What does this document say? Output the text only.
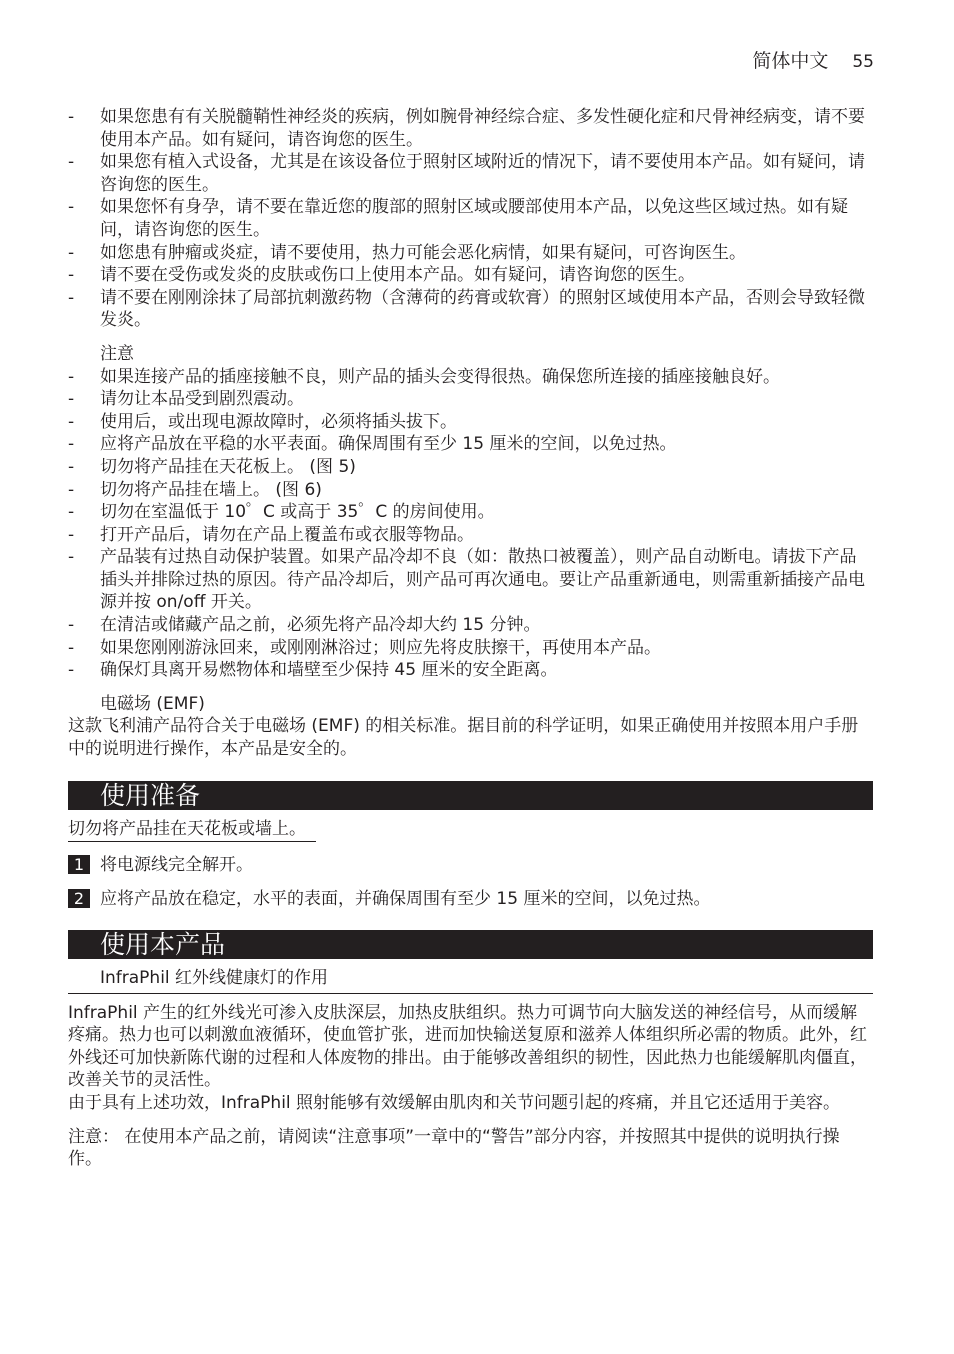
简体中文 55
- 如果您患有有关脱髓鞘性神经炎的疾病，例如腕骨神经综合症、多发性硬化症和尺骨神经病变，请不要使用本产品。如有疑问，请咨询您的医生。
- 如果您有植入式设备，尤其是在该设备位于照射区域附近的情况下，请不要使用本产品。如有疑问，请咨询您的医生。
- 如果您怀有身孕，请不要在靠近您的腹部的照射区域或腰部使用本产品，以免这些区域过热。如有疑问，请咨询您的医生。
- 如您患有肿瘤或炎症，请不要使用，热力可能会恶化病情，如果有疑问，可咨询医生。
- 请不要在受伤或发炎的皮肤或伤口上使用本产品。如有疑问，请咨询您的医生。
- 请不要在刚刚涂抹了局部抗刺激药物（含薄荷的药膏或软膏）的照射区域使用本产品，否则会导致轻微发炎。
注意
- 如果连接产品的插座接触不良，则产品的插头会变得很热。确保您所连接的插座接触良好。
- 请勿让本品受到剧烈震动。
- 使用后，或出现电源故障时，必须将插头拔下。
- 应将产品放在平稳的水平表面。确保周围有至少 15 厘米的空间，以免过热。
- 切勿将产品挂在天花板上。 (图 5)
- 切勿将产品挂在墙上。 (图 6)
- 切勿在室温低于 10゜C 或高于 35゜C 的房间使用。
- 打开产品后，请勿在产品上覆盖布或衣服等物品。
- 产品装有过热自动保护装置。如果产品冷却不良（如：散热口被覆盖），则产品自动断电。请拔下产品插头并排除过热的原因。待产品冷却后，则产品可再次通电。要让产品重新通电，则需重新插接产品电源并按 on/off 开关。
- 在清洁或储藏产品之前，必须先将产品冷却大约 15 分钟。
- 如果您刚刚游泳回来，或刚刚淋浴过；则应先将皮肤擦干，再使用本产品。
- 确保灯具离开易燃物体和墙壁至少保持 45 厘米的安全距离。
电磁场 (EMF)
这款飞利浦产品符合关于电磁场 (EMF) 的相关标准。据目前的科学证明，如果正确使用并按照本用户手册中的说明进行操作，本产品是安全的。
使用准备
切勿将产品挂在天花板或墙上。
1 将电源线完全解开。
2 应将产品放在稳定，水平的表面，并确保周围有至少 15 厘米的空间，以免过热。
使用本产品
InfraPhil 红外线健康灯的作用
InfraPhil 产生的红外线光可渗入皮肤深层，加热皮肤组织。热力可调节向大脑发送的神经信号，从而缓解疼痛。热力也可以刺激血液循环，使血管扩张，进而加快输送复原和滋养人体组织所必需的物质。此外，红外线还可加快新陈代谢的过程和人体废物的排出。由于能够改善组织的韧性，因此热力也能缓解肌肉僵直，改善关节的灵活性。
由于具有上述功效，InfraPhil 照射能够有效缓解由肌肉和关节问题引起的疼痛，并且它还适用于美容。
注意： 在使用本产品之前，请阅读“注意事项”一章中的“警告”部分内容，并按照其中提供的说明执行操作。
